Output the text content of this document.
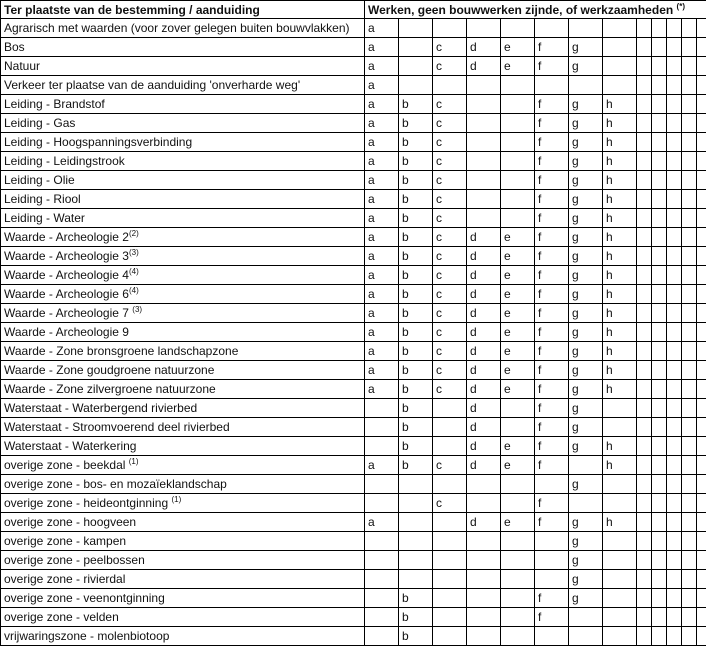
Ter plaatste van de bestemming / aanduiding	Werken, geen bouwwerken zijnde, of werkzaamheden (*)
Agrarisch met waarden (voor zover gelegen buiten bouwvlakken)	a												
Bos	a		c	d	e	f	g						
Natuur	a		c	d	e	f	g						
Verkeer ter plaatse van de aanduiding 'onverharde weg'	a												
Leiding - Brandstof	a	b	c			f	g	h					
Leiding - Gas	a	b	c			f	g	h					
Leiding - Hoogspanningsverbinding	a	b	c			f	g	h					
Leiding - Leidingstrook	a	b	c			f	g	h					
Leiding - Olie	a	b	c			f	g	h					
Leiding - Riool	a	b	c			f	g	h					
Leiding - Water	a	b	c			f	g	h					
Waarde - Archeologie 2$^{(2)}$	a	b	c	d	e	f	g	h					
Waarde - Archeologie 3$^{(3)}$	a	b	c	d	e	f	g	h					
Waarde - Archeologie 4$^{(4)}$	a	b	c	d	e	f	g	h					
Waarde - Archeologie 6$^{(4)}$	a	b	c	d	e	f	g	h					
Waarde - Archeologie 7 $^{(3)}$	a	b	c	d	e	f	g	h					
Waarde - Archeologie 9	a	b	c	d	e	f	g	h					
Waarde - Zone bronsgroene landschapzone	a	b	c	d	e	f	g	h					
Waarde - Zone goudgroene natuurzone	a	b	c	d	e	f	g	h					
Waarde - Zone zilvergroene natuurzone	a	b	c	d	e	f	g	h					
Waterstaat - Waterbergend rivierbed		b		d		f	g						
Waterstaat - Stroomvoerend deel rivierbed		b		d		f	g						
Waterstaat - Waterkering		b		d	e	f	g	h					
overige zone - beekdal $^{(1)}$	a	b	c	d	e	f		h					
overige zone - bos- en mozaïeklandschap							g						
overige zone - heideontginning $^{(1)}$			c			f							
overige zone - hoogveen	a			d	e	f	g	h					
overige zone - kampen							g						
overige zone - peelbossen							g						
overige zone - rivierdal							g						
overige zone - veenontginning		b				f	g						
overige zone - velden		b				f							
vrijwaringszone - molenbiotoop		b											
